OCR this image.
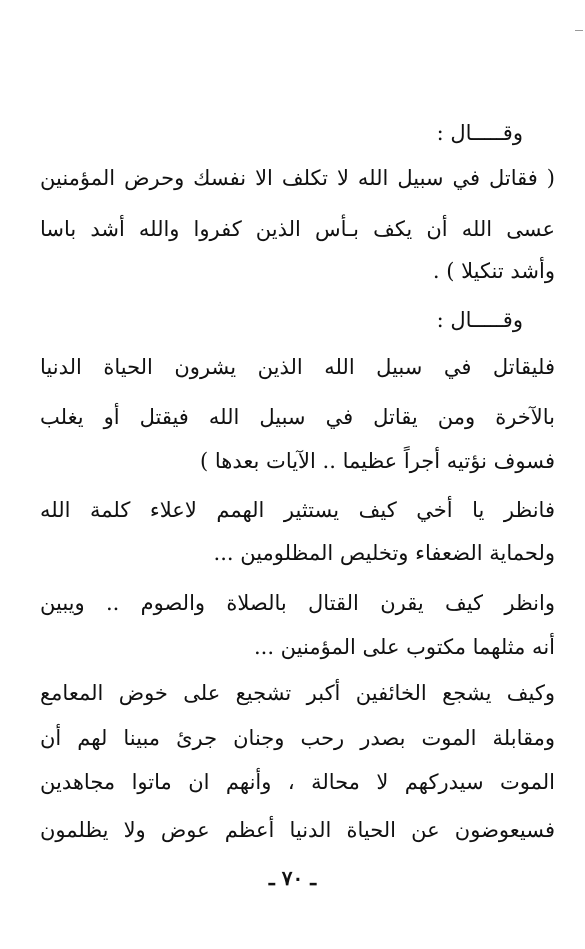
وقـــــال :
( فقاتل في سبيل الله لا تكلف الا نفسك وحرض المؤمنين
عسى الله أن يكف بـأس الذين كفروا والله أشد باسا
وأشد تنكيلا ) .
وقـــــال :
فليقاتل في سبيل الله الذين يشرون الحياة الدنيا
بالآخرة ومن يقاتل في سبيل الله فيقتل أو يغلب
فسوف نؤتيه أجراً عظيما .. الآيات بعدها )
فانظر يا أخي كيف يستثير الهمم لاعلاء كلمة الله
ولحماية الضعفاء وتخليص المظلومين ...
وانظر كيف يقرن القتال بالصلاة والصوم .. ويبين
أنه مثلهما مكتوب على المؤمنين ...
وكيف يشجع الخائفين أكبر تشجيع على خوض المعامع
ومقابلة الموت بصدر رحب وجنان جرئ مبينا لهم أن
الموت سيدركهم لا محالة ، وأنهم ان ماتوا مجاهدين
فسيعوضون عن الحياة الدنيا أعظم عوض ولا يظلمون
ـ ٧٠ ـ
